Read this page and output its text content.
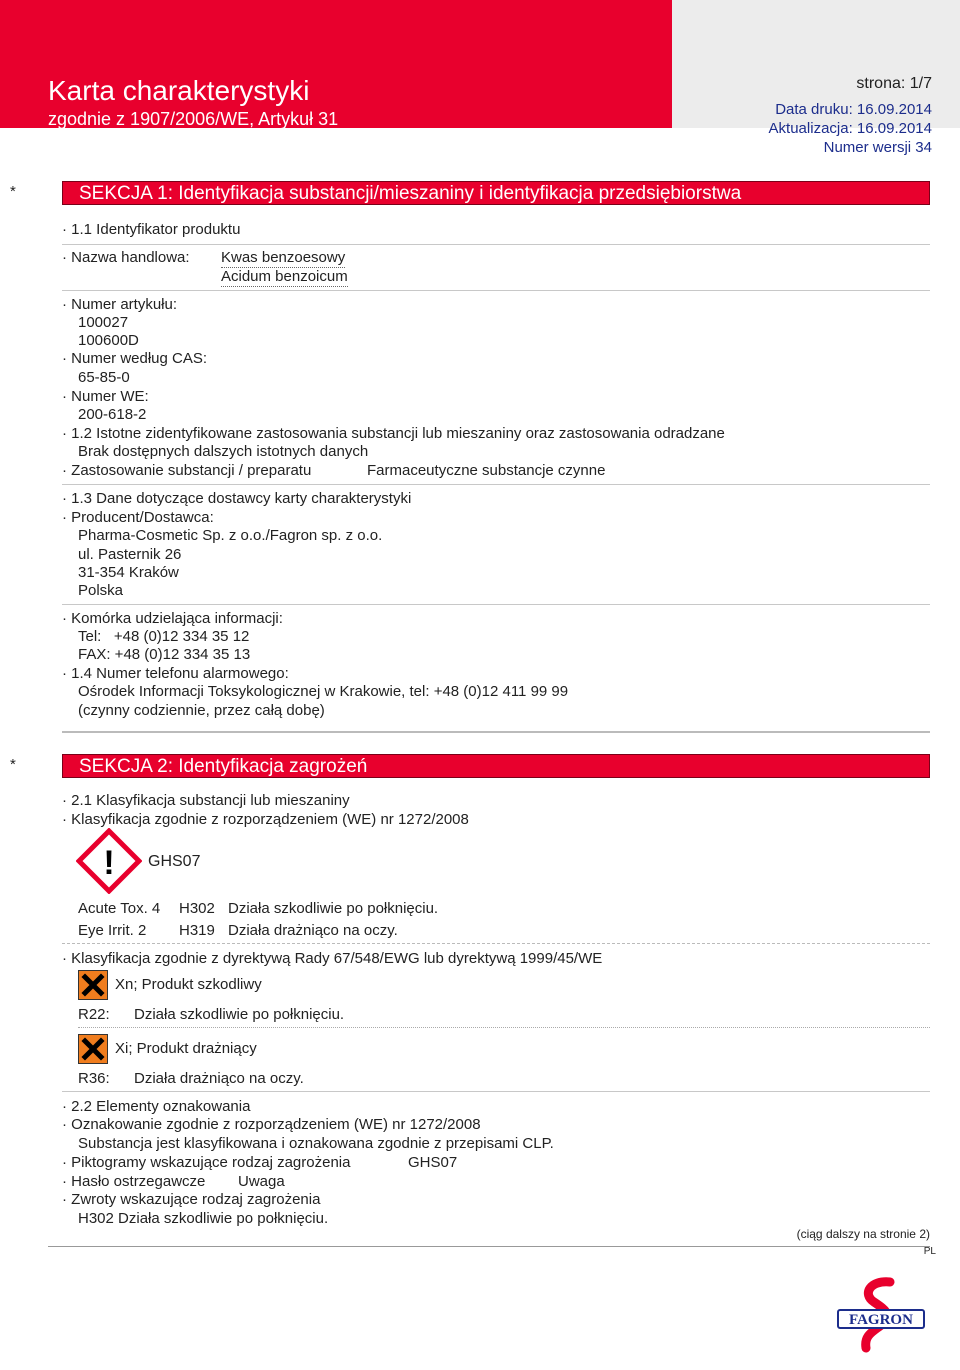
Karta charakterystyki
zgodnie z 1907/2006/WE, Artykuł 31
strona: 1/7
Data druku: 16.09.2014
Aktualizacja: 16.09.2014
Numer wersji 34
*	SEKCJA 1: Identyfikacja substancji/mieszaniny i identyfikacja przedsiębiorstwa
· 1.1 Identyfikator produktu
· Nazwa handlowa: Kwas benzoesowy
Acidum benzoicum
· Numer artykułu:
100027
100600D
· Numer według CAS:
65-85-0
· Numer WE:
200-618-2
· 1.2 Istotne zidentyfikowane zastosowania substancji lub mieszaniny oraz zastosowania odradzane
Brak dostępnych dalszych istotnych danych
· Zastosowanie substancji / preparatu	Farmaceutyczne substancje czynne
· 1.3 Dane dotyczące dostawcy karty charakterystyki
· Producent/Dostawca:
Pharma-Cosmetic Sp. z o.o./Fagron sp. z o.o.
ul. Pasternik 26
31-354 Kraków
Polska
· Komórka udzielająca informacji:
Tel:   +48 (0)12 334 35 12
FAX: +48 (0)12 334 35 13
· 1.4 Numer telefonu alarmowego:
Ośrodek Informacji Toksykologicznej w Krakowie, tel: +48 (0)12 411 99 99
(czynny codziennie, przez całą dobę)
*	SEKCJA 2: Identyfikacja zagrożeń
· 2.1 Klasyfikacja substancji lub mieszaniny
· Klasyfikacja zgodnie z rozporządzeniem (WE) nr 1272/2008
! GHS07
Acute Tox. 4 H302 Działa szkodliwie po połknięciu.
Eye Irrit. 2 H319 Działa drażniąco na oczy.
· Klasyfikacja zgodnie z dyrektywą Rady 67/548/EWG lub dyrektywą 1999/45/WE
Xn; Produkt szkodliwy
R22: Działa szkodliwie po połknięciu.
Xi; Produkt drażniący
R36: Działa drażniąco na oczy.
· 2.2 Elementy oznakowania
· Oznakowanie zgodnie z rozporządzeniem (WE) nr 1272/2008
Substancja jest klasyfikowana i oznakowana zgodnie z przepisami CLP.
· Piktogramy wskazujące rodzaj zagrożenia	GHS07
· Hasło ostrzegawcze Uwaga
· Zwroty wskazujące rodzaj zagrożenia
H302 Działa szkodliwie po połknięciu.
(ciąg dalszy na stronie 2)
PL
FAGRON
